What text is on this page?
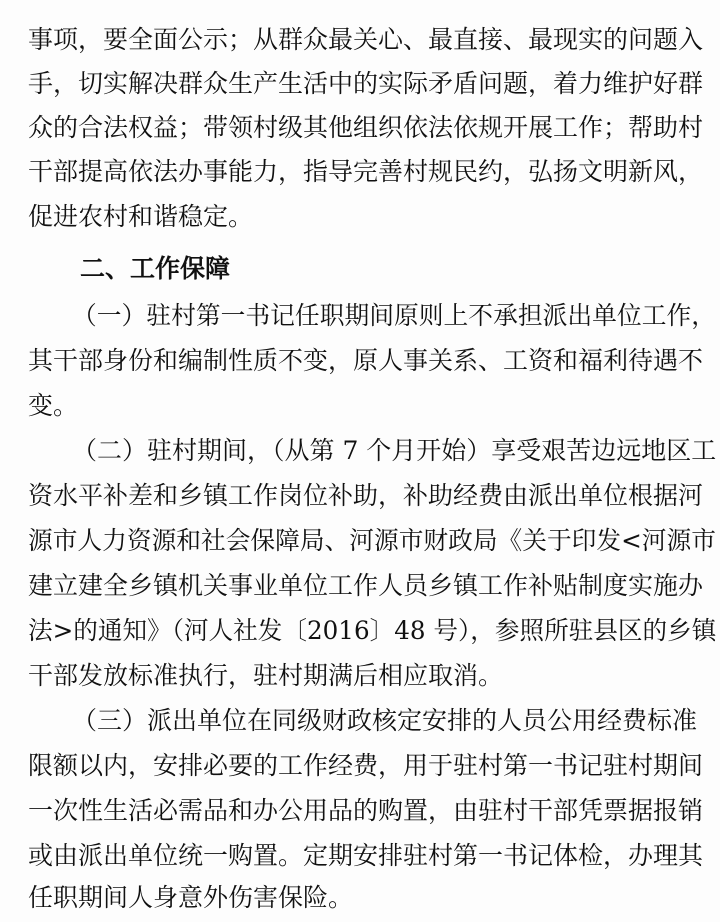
事项，要全面公示；从群众最关心、最直接、最现实的问题入
手，切实解决群众生产生活中的实际矛盾问题，着力维护好群
众的合法权益；带领村级其他组织依法依规开展工作；帮助村
干部提高依法办事能力，指导完善村规民约，弘扬文明新风，
促进农村和谐稳定。
二、工作保障
（一）驻村第一书记任职期间原则上不承担派出单位工作，
其干部身份和编制性质不变，原人事关系、工资和福利待遇不
变。
（二）驻村期间，（从第 7 个月开始）享受艰苦边远地区工
资水平补差和乡镇工作岗位补助，补助经费由派出单位根据河
源市人力资源和社会保障局、河源市财政局《关于印发<河源市
建立建全乡镇机关事业单位工作人员乡镇工作补贴制度实施办
法>的通知》（河人社发〔2016〕48 号），参照所驻县区的乡镇
干部发放标准执行，驻村期满后相应取消。
（三）派出单位在同级财政核定安排的人员公用经费标准
限额以内，安排必要的工作经费，用于驻村第一书记驻村期间
一次性生活必需品和办公用品的购置，由驻村干部凭票据报销
或由派出单位统一购置。定期安排驻村第一书记体检，办理其
任职期间人身意外伤害保险。
